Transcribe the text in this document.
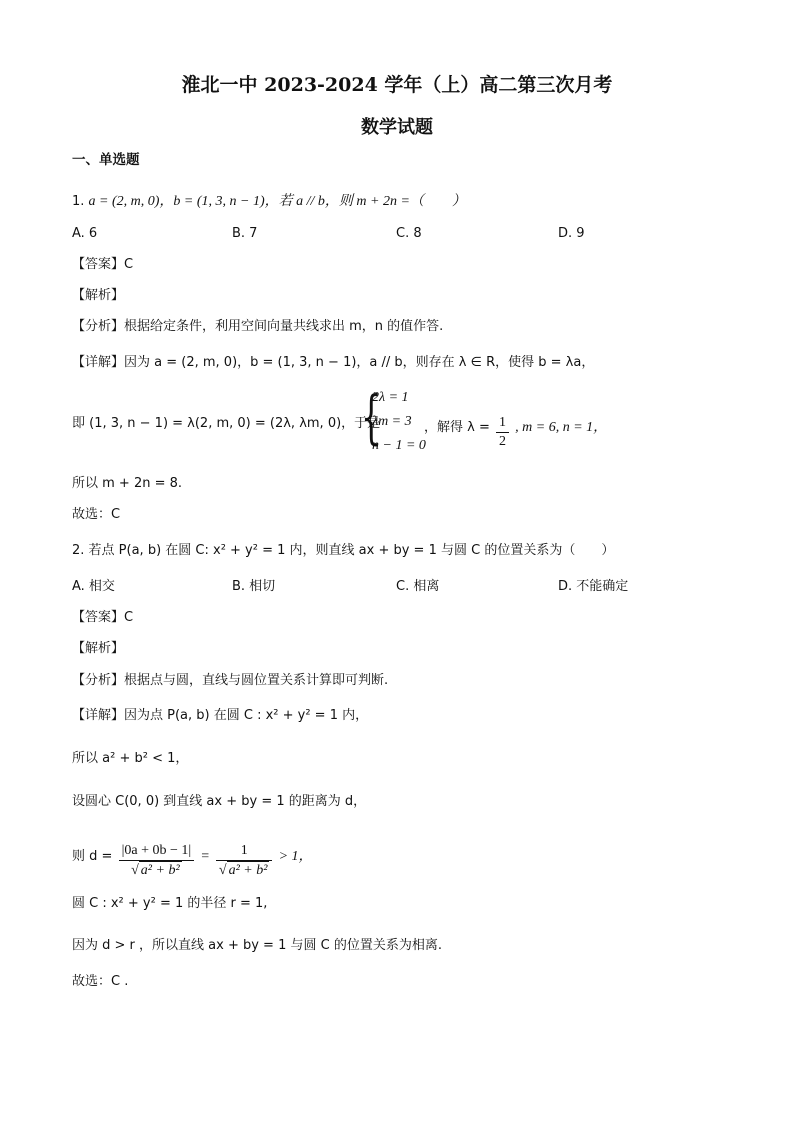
淮北一中 2023-2024 学年（上）高二第三次月考
数学试题
一、单选题
1. a = (2, m, 0)，b = (1, 3, n − 1)，若 a // b，则 m + 2n =（　　）
A. 6	B. 7	C. 8	D. 9
【答案】C
【解析】
【分析】根据给定条件，利用空间向量共线求出 m，n 的值作答.
【详解】因为 a = (2, m, 0)，b = (1, 3, n − 1)，a // b，则存在 λ ∈ R，使得 b = λa，
即 (1, 3, n − 1) = λ(2, m, 0) = (2λ, λm, 0)，于是
{
2λ = 1
λm = 3
n − 1 = 0
，解得 $\lambda = \frac{1}{2}$ , m = 6, n = 1，
所以 m + 2n = 8.
故选：C
2. 若点 P(a, b) 在圆 C: x² + y² = 1 内，则直线 ax + by = 1 与圆 C 的位置关系为（　　）
A. 相交	B. 相切	C. 相离	D. 不能确定
【答案】C
【解析】
【分析】根据点与圆，直线与圆位置关系计算即可判断.
【详解】因为点 P(a, b) 在圆 C : x² + y² = 1 内，
所以 a² + b² < 1，
设圆心 C(0, 0) 到直线 ax + by = 1 的距离为 d，
则 $d = \frac{|0a + 0b - 1|}{\text{√ a² + b²}} = \frac{1}{\text{√ a² + b²}} > 1$，
圆 C : x² + y² = 1 的半径 r = 1,
因为 d > r ，所以直线 ax + by = 1 与圆 C 的位置关系为相离.
故选：C .
